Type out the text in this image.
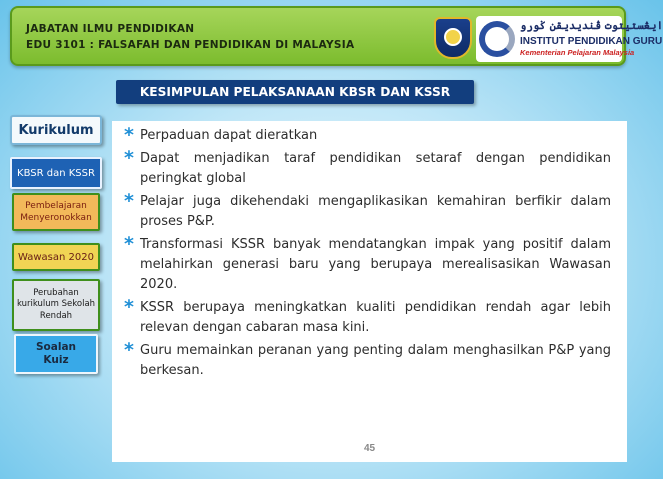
JABATAN ILMU PENDIDIKAN
EDU 3101 : FALSAFAH DAN PENDIDIKAN DI MALAYSIA
ايڠستيتوت ڤنديديقن ݢورو
INSTITUT PENDIDIKAN GURU
Kementerian Pelajaran Malaysia
KESIMPULAN PELAKSANAAN KBSR DAN KSSR
Kurikulum
KBSR dan KSSR
Pembelajaran
Menyeronokkan
Wawasan 2020
Perubahan
kurikulum Sekolah
Rendah
Soalan
Kuiz
* Perpaduan dapat dieratkan
* Dapat menjadikan taraf pendidikan setaraf dengan pendidikan peringkat global
* Pelajar juga dikehendaki mengaplikasikan kemahiran berfikir dalam proses P&P.
* Transformasi KSSR banyak mendatangkan impak yang positif dalam melahirkan generasi baru yang berupaya merealisasikan Wawasan 2020.
* KSSR berupaya meningkatkan kualiti pendidikan rendah agar lebih relevan dengan cabaran masa kini.
* Guru memainkan peranan yang penting dalam menghasilkan P&P yang berkesan.
45
